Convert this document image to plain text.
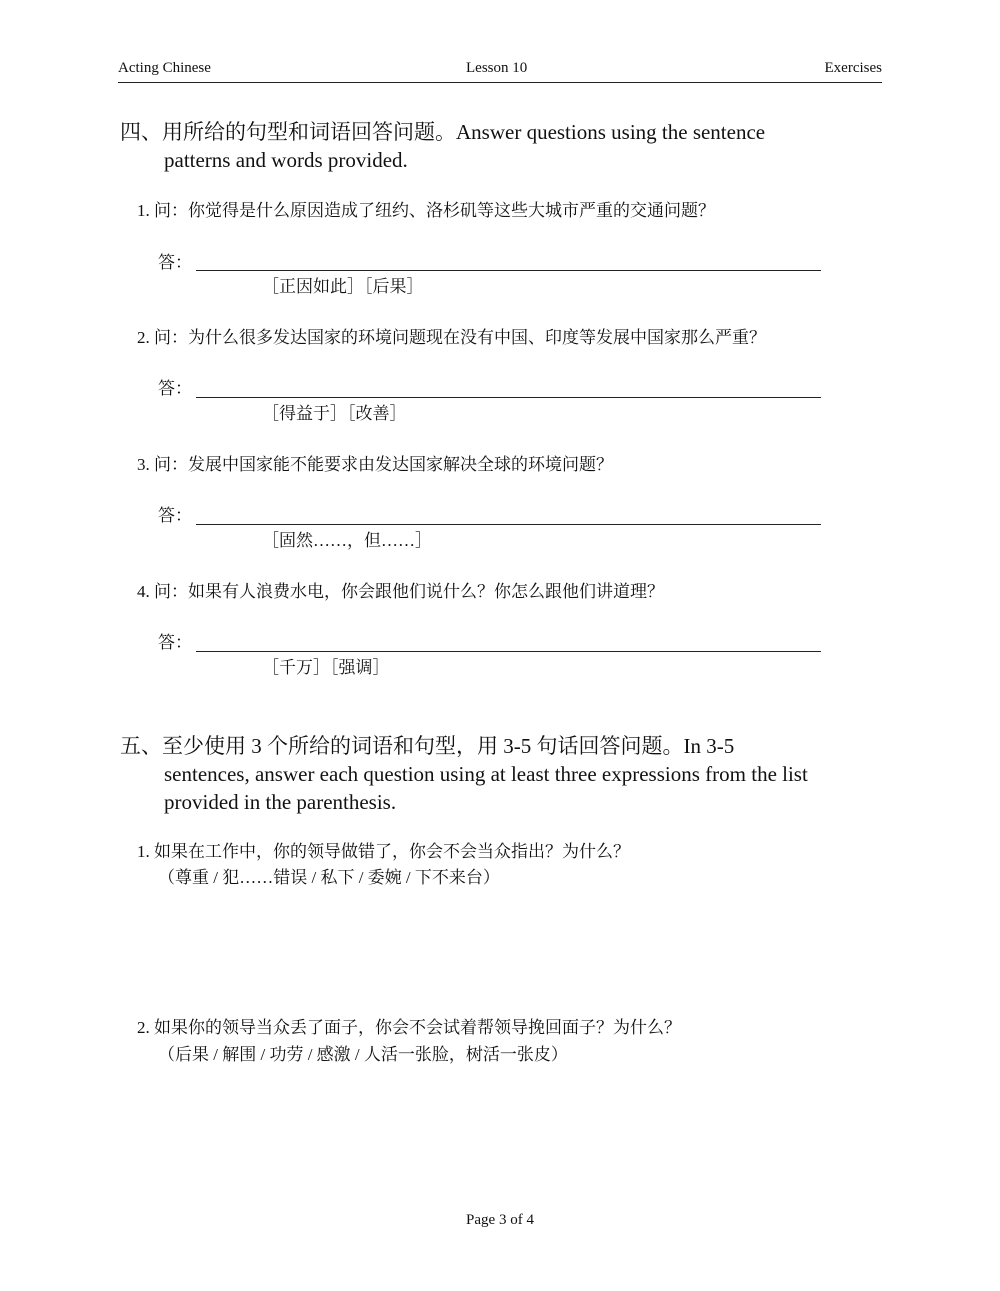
Acting Chinese	Lesson 10	Exercises
四、用所给的句型和词语回答问题。Answer questions using the sentence
patterns and words provided.
1. 问：你觉得是什么原因造成了纽约、洛杉矶等这些大城市严重的交通问题？
答：
［正因如此］［后果］
2. 问：为什么很多发达国家的环境问题现在没有中国、印度等发展中国家那么严重？
答：
［得益于］［改善］
3. 问：发展中国家能不能要求由发达国家解决全球的环境问题？
答：
［固然……，但……］
4. 问：如果有人浪费水电，你会跟他们说什么？你怎么跟他们讲道理？
答：
［千万］［强调］
五、至少使用 3 个所给的词语和句型，用 3-5 句话回答问题。In 3-5
sentences, answer each question using at least three expressions from the list
provided in the parenthesis.
1. 如果在工作中，你的领导做错了，你会不会当众指出？为什么？
（尊重 / 犯……错误 / 私下 / 委婉 / 下不来台）
2. 如果你的领导当众丢了面子，你会不会试着帮领导挽回面子？为什么？
（后果 / 解围 / 功劳 / 感激 / 人活一张脸，树活一张皮）
Page 3 of 4
